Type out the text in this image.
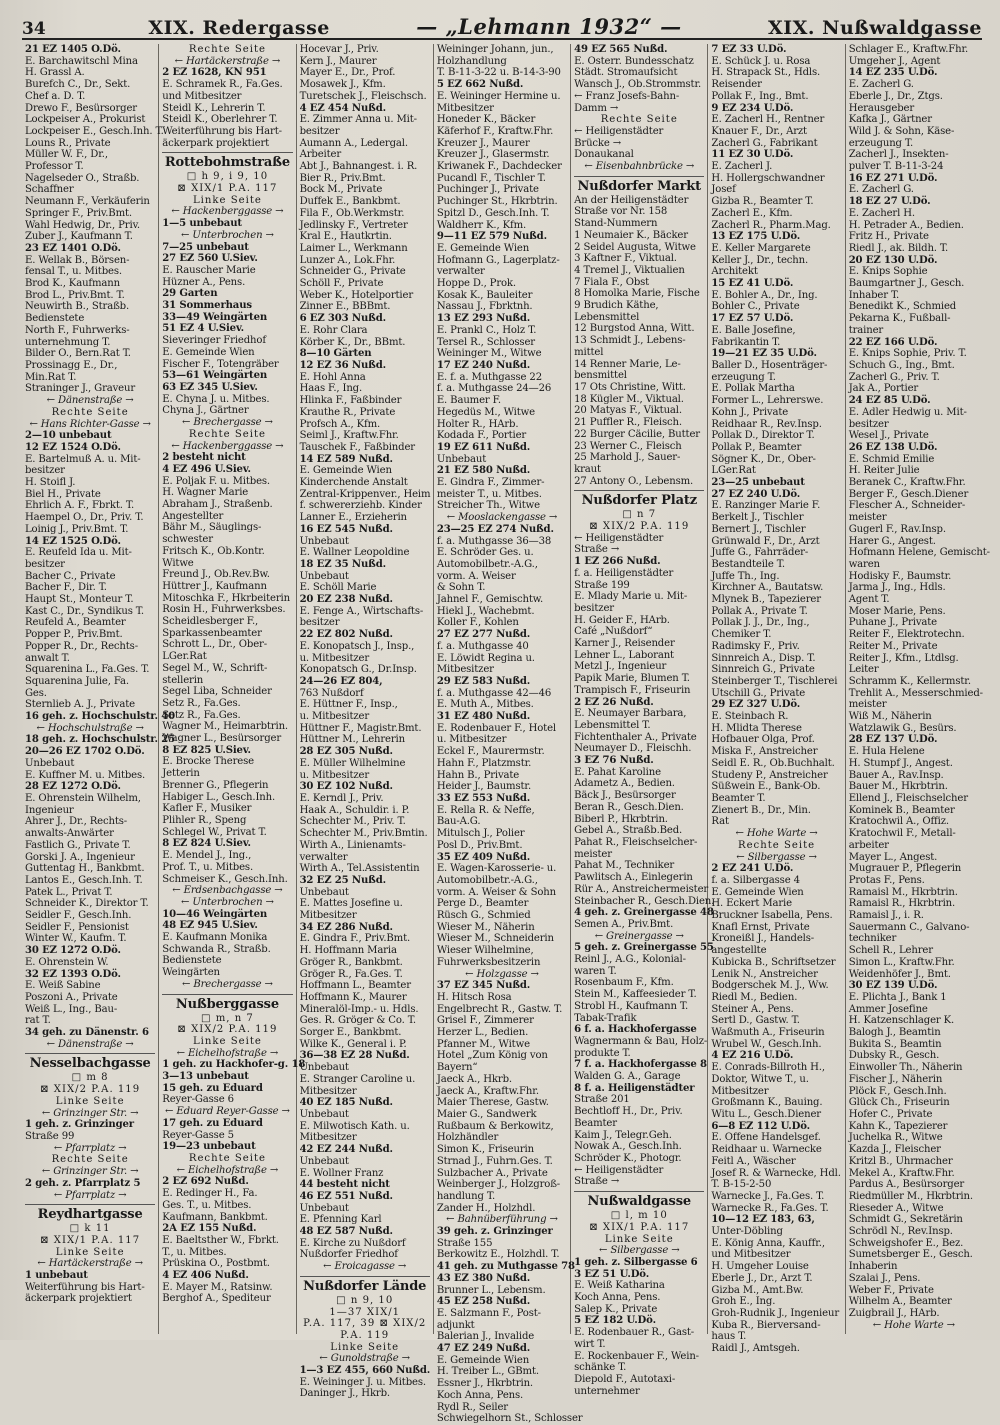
34	XIX. Redergasse	— „Lehmann 1932“ —	XIX. Nußwaldgasse
21 EZ 1405 O.Dö.
E. Barchawitschl Mina
H. Grassl A.
Burefch C., Dr., Sekt.
Chef a. D. T.
Drewo F., Besürsorger
Lockpeiser A., Prokurist
Lockpeiser E., Gesch.Inh. T.
Louns R., Private
Müller W. F., Dr.,
Professor T.
Nagelseder O., Straßb.
Schaffner
Neumann F., Verkäuferin
Springer F., Priv.Bmt.
Wahl Hedwig, Dr., Priv.
Zuber J., Kaufmann T.
23 EZ 1401 O.Dö.
E. Wellak B., Börsen-
fensal T., u. Mitbes.
Brod K., Kaufmann
Brod L., Priv.Bmt. T.
Neuwirth B., Straßb.
Bedienstete
North F., Fuhrwerks-
unternehmung T.
Bilder O., Bern.Rat T.
Prossinagg E., Dr.,
Min.Rat T.
Straninger J., Graveur
← Dänenstraße →
Rechte Seite
← Hans Richter-Gasse →
2—10 unbebaut
12 EZ 1524 O.Dö.
E. Bartelmuß A. u. Mit-
besitzer
H. Stoifl J.
Biel H., Private
Ehrlich A. F., Fbrkt. T.
Haempel O., Dr., Priv. T.
Loinig J., Priv.Bmt. T.
14 EZ 1525 O.Dö.
E. Reufeld Ida u. Mit-
besitzer
Bacher C., Private
Bacher F., Dir. T.
Haupt St., Monteur T.
Kast C., Dr., Syndikus T.
Reufeld A., Beamter
Popper P., Priv.Bmt.
Popper R., Dr., Rechts-
anwalt T.
Squarenina L., Fa.Ges. T.
Squarenina Julie, Fa.
Ges.
Sternlieb A. J., Private
16 geh. z. Hochschulstr. 40
← Hochschulstraße →
18 geh. z. Hochschulstr. 25
20—26 EZ 1702 O.Dö.
Unbebaut
E. Kuffner M. u. Mitbes.
28 EZ 1272 O.Dö.
E. Ohrenstein Wilhelm,
Ingenieur
Ahrer J., Dr., Rechts-
anwalts-Anwärter
Fastlich G., Private T.
Gorski J. A., Ingenieur
Guttentag H., Bankbmt.
Lantos E., Gesch.Inh. T.
Patek L., Privat T.
Schneider K., Direktor T.
Seidler F., Gesch.Inh.
Seidler F., Pensionist
Winter W., Kaufm. T.
30 EZ 1272 O.Dö.
E. Ohrenstein W.
32 EZ 1393 O.Dö.
E. Weiß Sabine
Poszoni A., Private
Weiß L., Ing., Bau-
rat T.
34 geh. zu Dänenstr. 6
← Dänenstraße →
Nesselbachgasse
□ m 8
⊠ XIX/2 P.A. 119
Linke Seite
← Grinzinger Str. →
1 geh. z. Grinzinger
Straße 99
← Pfarrplatz →
Rechte Seite
← Grinzinger Str. →
2 geh. z. Pfarrplatz 5
← Pfarrplatz →
Reydhartgasse
□ k 11
⊠ XIX/1 P.A. 117
Linke Seite
← Hartäckerstraße →
1 unbebaut
Weiterführung bis Hart-
äckerpark projektiert
Rechte Seite
← Hartäckerstraße →
2 EZ 1628, KN 951
E. Schramek R., Fa.Ges.
und Mitbesitzer
Steidl K., Lehrerin T.
Steidl K., Oberlehrer T.
Weiterführung bis Hart-
äckerpark projektiert
Rottebohmstraße
□ h 9, i 9, 10
⊠ XIX/1 P.A. 117
Linke Seite
← Hackenberggasse →
1—5 unbebaut
← Unterbrochen →
7—25 unbebaut
27 EZ 560 U.Siev.
E. Rauscher Marie
Hüzner A., Pens.
29 Garten
31 Sommerhaus
33—49 Weingärten
51 EZ 4 U.Siev.
Sieveringer Friedhof
E. Gemeinde Wien
Fischer F., Totengräber
53—61 Weingärten
63 EZ 345 U.Siev.
E. Chyna J. u. Mitbes.
Chyna J., Gärtner
← Brechergasse →
Rechte Seite
← Hackenberggasse →
2 besteht nicht
4 EZ 496 U.Siev.
E. Poljak F. u. Mitbes.
H. Wagner Marie
Abraham J., Straßenb.
Angestellter
Bähr M., Säuglings-
schwester
Fritsch K., Ob.Kontr.
Witwe
Freund J., Ob.Rev.Bw.
Hüttrer J., Kaufmann
Mitoschka F., Hkrbeiterin
Rosin H., Fuhrwerksbes.
Scheidlesberger F.,
Sparkassenbeamter
Schrott L., Dr., Ober-
LGer.Rat
Segel M., W., Schrift-
stellerin
Segel Liba, Schneider
Setz R., Fa.Ges.
Setz R., Fa.Ges.
Wagner M., Heimarbtrin.
Wagner L., Besürsorger
8 EZ 825 U.Siev.
E. Brocke Therese
Jetterin
Brenner G., Pflegerin
Habiger L., Gesch.Inh.
Kafler F., Musiker
Plihler R., Speng
Schlegel W., Privat T.
8 EZ 824 U.Siev.
E. Mendel J., Ing.,
Prof. T., u. Mitbes.
Schmeiser K., Gesch.Inh.
← Erdsenbachgasse →
← Unterbrochen →
10—46 Weingärten
48 EZ 945 U.Siev.
E. Kaufmann Monika
Schwanda R., Straßb.
Bedienstete
Weingärten
← Brechergasse →
Nußberggasse
□ m, n 7
⊠ XIX/2 P.A. 119
Linke Seite
← Eichelhofstraße →
1 geh. zu Hackhofer-g. 18
3—13 unbebaut
15 geh. zu Eduard
Reyer-Gasse 6
← Eduard Reyer-Gasse →
17 geh. zu Eduard
Reyer-Gasse 5
19—23 unbebaut
Rechte Seite
← Eichelhofstraße →
2 EZ 692 Nußd.
E. Redinger H., Fa.
Ges. T., u. Mitbes.
Kaufmann, Bankbmt.
2A EZ 155 Nußd.
E. Baeltsther W., Fbrkt.
T., u. Mitbes.
Prüskina O., Postbmt.
4 EZ 406 Nußd.
E. Mayer M., Ratsinw.
Berghof A., Spediteur
Hocevar J., Priv.
Kern J., Maurer
Mayer E., Dr., Prof.
Mosawek J., Kfm.
Turetschek J., Fleischsch.
4 EZ 454 Nußd.
E. Zimmer Anna u. Mit-
besitzer
Aumann A., Ledergal.
Arbeiter
Abt J., Bahnangest. i. R.
Bier R., Priv.Bmt.
Bock M., Private
Duffek E., Bankbmt.
Fila F., Ob.Werkmstr.
Jedlinsky F., Vertreter
Kral E., Hautkrtin.
Laimer L., Werkmann
Lunzer A., Lok.Fhr.
Schneider G., Private
Schöll F., Private
Weber K., Hotelportier
Zinner E., BBBmt.
6 EZ 303 Nußd.
E. Rohr Clara
Körber K., Dr., BBmt.
8—10 Gärten
12 EZ 36 Nußd.
E. Hohl Anna
Haas F., Ing.
Hlinka F., Faßbinder
Krauthe R., Private
Profsch A., Kfm.
Seiml J., Kraftw.Fhr.
Tauschek F., Faßbinder
14 EZ 589 Nußd.
E. Gemeinde Wien
Kinderchende Anstalt
Zentral-Krippenver., Heim
f. schwererziehb. Kinder
Lanner E., Erzieherin
16 EZ 545 Nußd.
Unbebaut
E. Wallner Leopoldine
18 EZ 35 Nußd.
Unbebaut
E. Schöll Marie
20 EZ 238 Nußd.
E. Fenge A., Wirtschafts-
besitzer
22 EZ 802 Nußd.
E. Konopatsch J., Insp.,
u. Mitbesitzer
Konopatsch G., Dr.Insp.
24—26 EZ 804,
763 Nußdorf
E. Hüttner F., Insp.,
u. Mitbesitzer
Hüttner F., Magistr.Bmt.
Hüttner M., Lehrerin
28 EZ 305 Nußd.
E. Müller Wilhelmine
u. Mitbesitzer
30 EZ 102 Nußd.
E. Kerndl J., Priv.
Haak A., Schuldir. i. P.
Schechter M., Priv. T.
Schechter M., Priv.Bmtin.
Wirth A., Linienamts-
verwalter
Wirth A., Tel.Assistentin
32 EZ 25 Nußd.
Unbebaut
E. Mattes Josefine u.
Mitbesitzer
34 EZ 286 Nußd.
E. Gindra F., Priv.Bmt.
H. Hoffmann Maria
Gröger R., Bankbmt.
Gröger R., Fa.Ges. T.
Hoffmann L., Beamter
Hoffmann K., Maurer
Mineralöl-Imp.- u. Hdls.
Ges. R. Gröger & Co. T.
Sorger E., Bankbmt.
Wilke K., General i. P.
36—38 EZ 28 Nußd.
Unbebaut
E. Stranger Caroline u.
Mitbesitzer
40 EZ 185 Nußd.
Unbebaut
E. Milwotisch Kath. u.
Mitbesitzer
42 EZ 244 Nußd.
Unbebaut
E. Wollner Franz
44 besteht nicht
46 EZ 551 Nußd.
Unbebaut
E. Pfenning Karl
48 EZ 587 Nußd.
E. Kirche zu Nußdorf
Nußdorfer Friedhof
← Eroicagasse →
Nußdorfer Lände
□ n 9, 10
1—37 XIX/1
P.A. 117, 39 ⊠ XIX/2
P.A. 119
Linke Seite
← Gunoldstraße →
1—3 EZ 455, 660 Nußd.
E. Weininger J. u. Mitbes.
Daninger J., Hkrb.
Weininger Johann, jun.,
Holzhandlung
T. B-11-3-22 u. B-14-3-90
5 EZ 662 Nußd.
E. Weininger Hermine u.
Mitbesitzer
Honeder K., Bäcker
Käferhof F., Kraftw.Fhr.
Kreuzer J., Maurer
Kreuzer J., Glasermstr.
Kriwanek F., Dachdecker
Pucandl F., Tischler T.
Puchinger J., Private
Puchinger St., Hkrbtrin.
Spitzl D., Gesch.Inh. T.
Waldherr K., Kfm.
9—11 EZ 579 Nußd.
E. Gemeinde Wien
Hofmann G., Lagerplatz-
verwalter
Hoppe D., Prok.
Kosak K., Bauleiter
Nassau J., Fbrktnh.
13 EZ 293 Nußd.
E. Prankl C., Holz T.
Tersel R., Schlosser
Weininger M., Witwe
17 EZ 240 Nußd.
E. f. a. Muthgasse 22
f. a. Muthgasse 24—26
E. Baumer F.
Hegedüs M., Witwe
Holter R., HArb.
Kodada F., Portier
19 EZ 611 Nußd.
Unbebaut
21 EZ 580 Nußd.
E. Gindra F., Zimmer-
meister T., u. Mitbes.
Streicher Th., Witwe
← Mooslackengasse →
23—25 EZ 274 Nußd.
f. a. Muthgasse 36—38
E. Schröder Ges. u.
Automobilbetr.-A.G.,
vorm. A. Weiser
& Sohn T.
Jahnel F., Gemischtw.
Hiekl J., Wachebmt.
Koller F., Kohlen
27 EZ 277 Nußd.
f. a. Muthgasse 40
E. Löwidt Regina u.
Mitbesitzer
29 EZ 583 Nußd.
f. a. Muthgasse 42—46
E. Muth A., Mitbes.
31 EZ 480 Nußd.
E. Rodenbauer F., Hotel
u. Mitbesitzer
Eckel F., Maurermstr.
Hahn F., Platzmstr.
Hahn B., Private
Heider J., Baumstr.
33 EZ 553 Nußd.
E. Rella R. & Neffe,
Bau-A.G.
Mitulsch J., Polier
Posl D., Priv.Bmt.
35 EZ 409 Nußd.
E. Wagen-Karosserie- u.
Automobilbetr.-A.G.,
vorm. A. Weiser & Sohn
Perge D., Beamter
Rüsch G., Schmied
Wieser M., Näherin
Wieser M., Schneiderin
Wieser Wilhelmine,
Fuhrwerksbesitzerin
← Holzgasse →
37 EZ 345 Nußd.
H. Hitsch Rosa
Engelbrecht R., Gastw. T.
Grisel F., Zimmerer
Herzer L., Bedien.
Pfanner M., Witwe
Hotel „Zum König von
Bayern“
Jaeck A., Hkrb.
Jaeck A., Kraftw.Fhr.
Maier Therese, Gastw.
Maier G., Sandwerk
Rußbaum & Berkowitz,
Holzhändler
Simon K., Friseurin
Strnad J., Fuhrn.Ges. T.
Sulzbacher A., Private
Weinberger J., Holzgroß-
handlung T.
Zander H., Holzhdl.
← Bahnüberführung →
39 geh. z. Grinzinger
Straße 155
Berkowitz E., Holzhdl. T.
41 geh. zu Muthgasse 78
43 EZ 380 Nußd.
Brunner L., Lebensm.
45 EZ 258 Nußd.
E. Salzmann F., Post-
adjunkt
Balerian J., Invalide
47 EZ 249 Nußd.
E. Gemeinde Wien
H. Treiber L., GBmt.
Essner J., Hkrbtrin.
Koch Anna, Pens.
Rydl R., Seiler
Schwiegelhorn St., Schlosser
49 EZ 565 Nußd.
E. Osterr. Bundesschatz
Städt. Stromaufsicht
Wansch J., Ob.Strommstr.
← Franz Josefs-Bahn-
Damm →
Rechte Seite
← Heiligenstädter
Brücke →
Donaukanal
← Eisenbahnbrücke →
Nußdorfer Markt
An der Heiligenstädter
Straße vor Nr. 158
Stand-Nummern
1 Neumaier K., Bäcker
2 Seidel Augusta, Witwe
3 Kaftner F., Viktual.
4 Tremel J., Viktualien
7 Fiala F., Obst
8 Homolka Marie, Fische
9 Brudich Käthe,
Lebensmittel
12 Burgstod Anna, Witt.
13 Schmidt J., Lebens-
mittel
14 Renner Marie, Le-
bensmittel
17 Ots Christine, Witt.
18 Kügler M., Viktual.
20 Matyas F., Viktual.
21 Puffler R., Fleisch.
22 Burger Cäcilie, Butter
23 Werner C., Fleisch
25 Marhold J., Sauer-
kraut
27 Antony O., Lebensm.
Nußdorfer Platz
□ n 7
⊠ XIX/2 P.A. 119
← Heiligenstädter
Straße →
1 EZ 266 Nußd.
f. a. Heiligenstädter
Straße 199
E. Mlady Marie u. Mit-
besitzer
H. Geider F., HArb.
Café „Nußdorf“
Karner J., Reisender
Lehner L., Laborant
Metzl J., Ingenieur
Papik Marie, Blumen T.
Trampisch F., Friseurin
2 EZ 26 Nußd.
E. Neumayer Barbara,
Lebensmittel T.
Fichtenthaler A., Private
Neumayer D., Fleischh.
3 EZ 76 Nußd.
E. Pahat Karoline
Adametz A., Bedien.
Bäck J., Besürsorger
Beran R., Gesch.Dien.
Biberl P., Hkrbtrin.
Gebel A., Straßb.Bed.
Pahat R., Fleischselcher-
meister
Pahat M., Techniker
Pawlitsch A., Einlegerin
Rür A., Anstreichermeister
Steinbacher R., Gesch.Dien.
4 geh. z. Greinergasse 48
Semen A., Priv.Bmt.
← Greinergasse →
5 geh. z. Greinergasse 55
Reinl J., A.G., Kolonial-
waren T.
Rosenbaum F., Kfm.
Stein M., Kaffeesieder T.
Strobl H., Kaufmann T.
Tabak-Trafik
6 f. a. Hackhofergasse
Wagnermann & Bau, Holz-
produkte T.
7 f. a. Hackhofergasse 8
Walden G. A., Garage
8 f. a. Heiligenstädter
Straße 201
Bechtloff H., Dr., Priv.
Beamter
Kaim J., Telegr.Geh.
Nowak A., Gesch.Inh.
Schröder K., Photogr.
← Heiligenstädter
Straße →
Nußwaldgasse
□ l, m 10
⊠ XIX/1 P.A. 117
Linke Seite
← Silbergasse →
1 geh. z. Silbergasse 6
3 EZ 51 U.Dö.
E. Weiß Katharina
Koch Anna, Pens.
Salep K., Private
5 EZ 182 U.Dö.
E. Rodenbauer R., Gast-
wirt T.
E. Rockenbauer F., Wein-
schänke T.
Diepold F., Autotaxi-
unternehmer
7 EZ 33 U.Dö.
E. Schück J. u. Rosa
H. Strapack St., Hdls.
Reisender
Pollak F., Ing., Bmt.
9 EZ 234 U.Dö.
E. Zacherl H., Rentner
Knauer F., Dr., Arzt
Zacherl G., Fabrikant
11 EZ 30 U.Dö.
E. Zacherl J.
H. Hollergschwandner
Josef
Gizba R., Beamter T.
Zacherl E., Kfm.
Zacherl R., Pharm.Mag.
13 EZ 175 U.Dö.
E. Keller Margarete
Keller J., Dr., techn.
Architekt
15 EZ 41 U.Dö.
E. Bohler A., Dr., Ing.
Bohler C., Private
17 EZ 57 U.Dö.
E. Balle Josefine,
Fabrikantin T.
19—21 EZ 35 U.Dö.
Baller D., Hosenträger-
erzeugung T.
E. Pollak Martha
Former L., Lehrerswe.
Kohn J., Private
Reidhaar R., Rev.Insp.
Pollak D., Direktor T.
Pollak P., Beamter
Sögner K., Dr., Ober-
LGer.Rat
23—25 unbebaut
27 EZ 240 U.Dö.
E. Ranzinger Marie F.
Berkelt J., Tischler
Bernert J., Tischler
Grünwald F., Dr., Arzt
Juffe G., Fahrräder-
Bestandteile T.
Juffe Th., Ing.
Kirchner A., Bautatsw.
Mlynek B., Tapezierer
Pollak A., Private T.
Pollak J. J., Dr., Ing.,
Chemiker T.
Radimsky F., Priv.
Sinnreich A., Disp. T.
Sinnreich G., Private
Steinberger T., Tischlerei
Utschill G., Private
29 EZ 327 U.Dö.
E. Steinbach R.
H. Mlidta Therese
Hofbauer Olga, Prof.
Miska F., Anstreicher
Seidl E. R., Ob.Buchhalt.
Studeny P., Anstreicher
Süßwein E., Bank-Ob.
Beamter T.
Zienert B., Dr., Min.
Rat
← Hohe Warte →
Rechte Seite
← Silbergasse →
2 EZ 241 U.Dö.
f. a. Silbergasse 4
E. Gemeinde Wien
H. Eckert Marie
Bruckner Isabella, Pens.
Knafl Ernst, Private
Kroneißl J., Handels-
angestellte
Kubicka B., Schriftsetzer
Lenik N., Anstreicher
Bodgerschek M. J., Ww.
Riedl M., Bedien.
Steiner A., Pens.
Sertl D., Gastw. T.
Waßmuth A., Friseurin
Wrubel W., Gesch.Inh.
4 EZ 216 U.Dö.
E. Conrads-Billroth H.,
Doktor, Witwe T., u.
Mitbesitzer
Großmann K., Bauing.
Witu L., Gesch.Diener
6—8 EZ 112 U.Dö.
E. Offene Handelsgef.
Reidhaar u. Warnecke
Feitl A., Wäscher
Josef R. & Warnecke, Hdl.
T. B-15-2-50
Warnecke J., Fa.Ges. T.
Warnecke R., Fa.Ges. T.
10—12 EZ 183, 63,
Unter-Döbling
E. König Anna, Kauffr.,
und Mitbesitzer
H. Umgeher Louise
Eberle J., Dr., Arzt T.
Gizba M., Amt.Bw.
Groh E., Ing.
Groh-Rudnik J., Ingenieur
Kuba R., Bierversand-
haus T.
Raidl J., Amtsgeh.
Schlager E., Kraftw.Fhr.
Umgeher J., Agent
14 EZ 235 U.Dö.
E. Zacherl G.
Eberle J., Dr., Ztgs.
Herausgeber
Kafka J., Gärtner
Wild J. & Sohn, Käse-
erzeugung T.
Zacherl J., Insekten-
pulver T. B-11-3-24
16 EZ 271 U.Dö.
E. Zacherl G.
18 EZ 27 U.Dö.
E. Zacherl H.
H. Petrader A., Bedien.
Fritz H., Private
Riedl J., ak. Bildh. T.
20 EZ 130 U.Dö.
E. Knips Sophie
Baumgartner J., Gesch.
Inhaber T.
Benedikt K., Schmied
Pekarna K., Fußball-
trainer
22 EZ 166 U.Dö.
E. Knips Sophie, Priv. T.
Schuch G., Ing., Bmt.
Zacherl G., Priv. T.
Jak A., Portier
24 EZ 85 U.Dö.
E. Adler Hedwig u. Mit-
besitzer
Wesel J., Private
26 EZ 138 U.Dö.
E. Schmid Emilie
H. Reiter Julie
Beranek C., Kraftw.Fhr.
Berger F., Gesch.Diener
Flescher A., Schneider-
meister
Gugerl F., Rav.Insp.
Harer G., Angest.
Hofmann Helene, Gemischt-
waren
Hodisky F., Baumstr.
Jarma J., Ing., Hdls.
Agent T.
Moser Marie, Pens.
Puhane J., Private
Reiter F., Elektrotechn.
Reiter M., Private
Reiter J., Kfm., Ltdlsg.
Leiter
Schramm K., Kellermstr.
Trehlit A., Messerschmied-
meister
Wiß M., Näherin
Watzlawik G., Besürs.
28 EZ 137 U.Dö.
E. Hula Helene
H. Stumpf J., Angest.
Bauer A., Rav.Insp.
Bauer M., Hkrbtrin.
Ellend J., Fleischselcher
Kominek B., Beamter
Kratochwil A., Offiz.
Kratochwil F., Metall-
arbeiter
Mayer L., Angest.
Mugrauer P., Pflegerin
Protas F., Pens.
Ramaisl M., Hkrbtrin.
Ramaisl R., Hkrbtrin.
Ramaisl J., i. R.
Sauermann C., Galvano-
techniker
Schell R., Lehrer
Simon L., Kraftw.Fhr.
Weidenhöfer J., Bmt.
30 EZ 139 U.Dö.
E. Plichta J., Bank 1
Ammer Josefine
H. Katzenschlager K.
Balogh J., Beamtin
Bukita S., Beamtin
Dubsky R., Gesch.
Einwoller Th., Näherin
Fischer J., Näherin
Plöck F., Gesch.Inh.
Glück Ch., Friseurin
Hofer C., Private
Kahn K., Tapezierer
Juchelka R., Witwe
Kazda J., Fleischer
Kritzl B., Uhrmacher
Mekel A., Kraftw.Fhr.
Pardus A., Besürsorger
Riedmüller M., Hkrbtrin.
Rieseder A., Witwe
Schmidt G., Sekretärin
Schrödl N., Rev.Insp.
Schweigshofer E., Bez.
Sumetsberger E., Gesch.
Inhaberin
Szalai J., Pens.
Weber F., Private
Wilhelm A., Beamter
Zuigbrail J., HArb.
← Hohe Warte →
